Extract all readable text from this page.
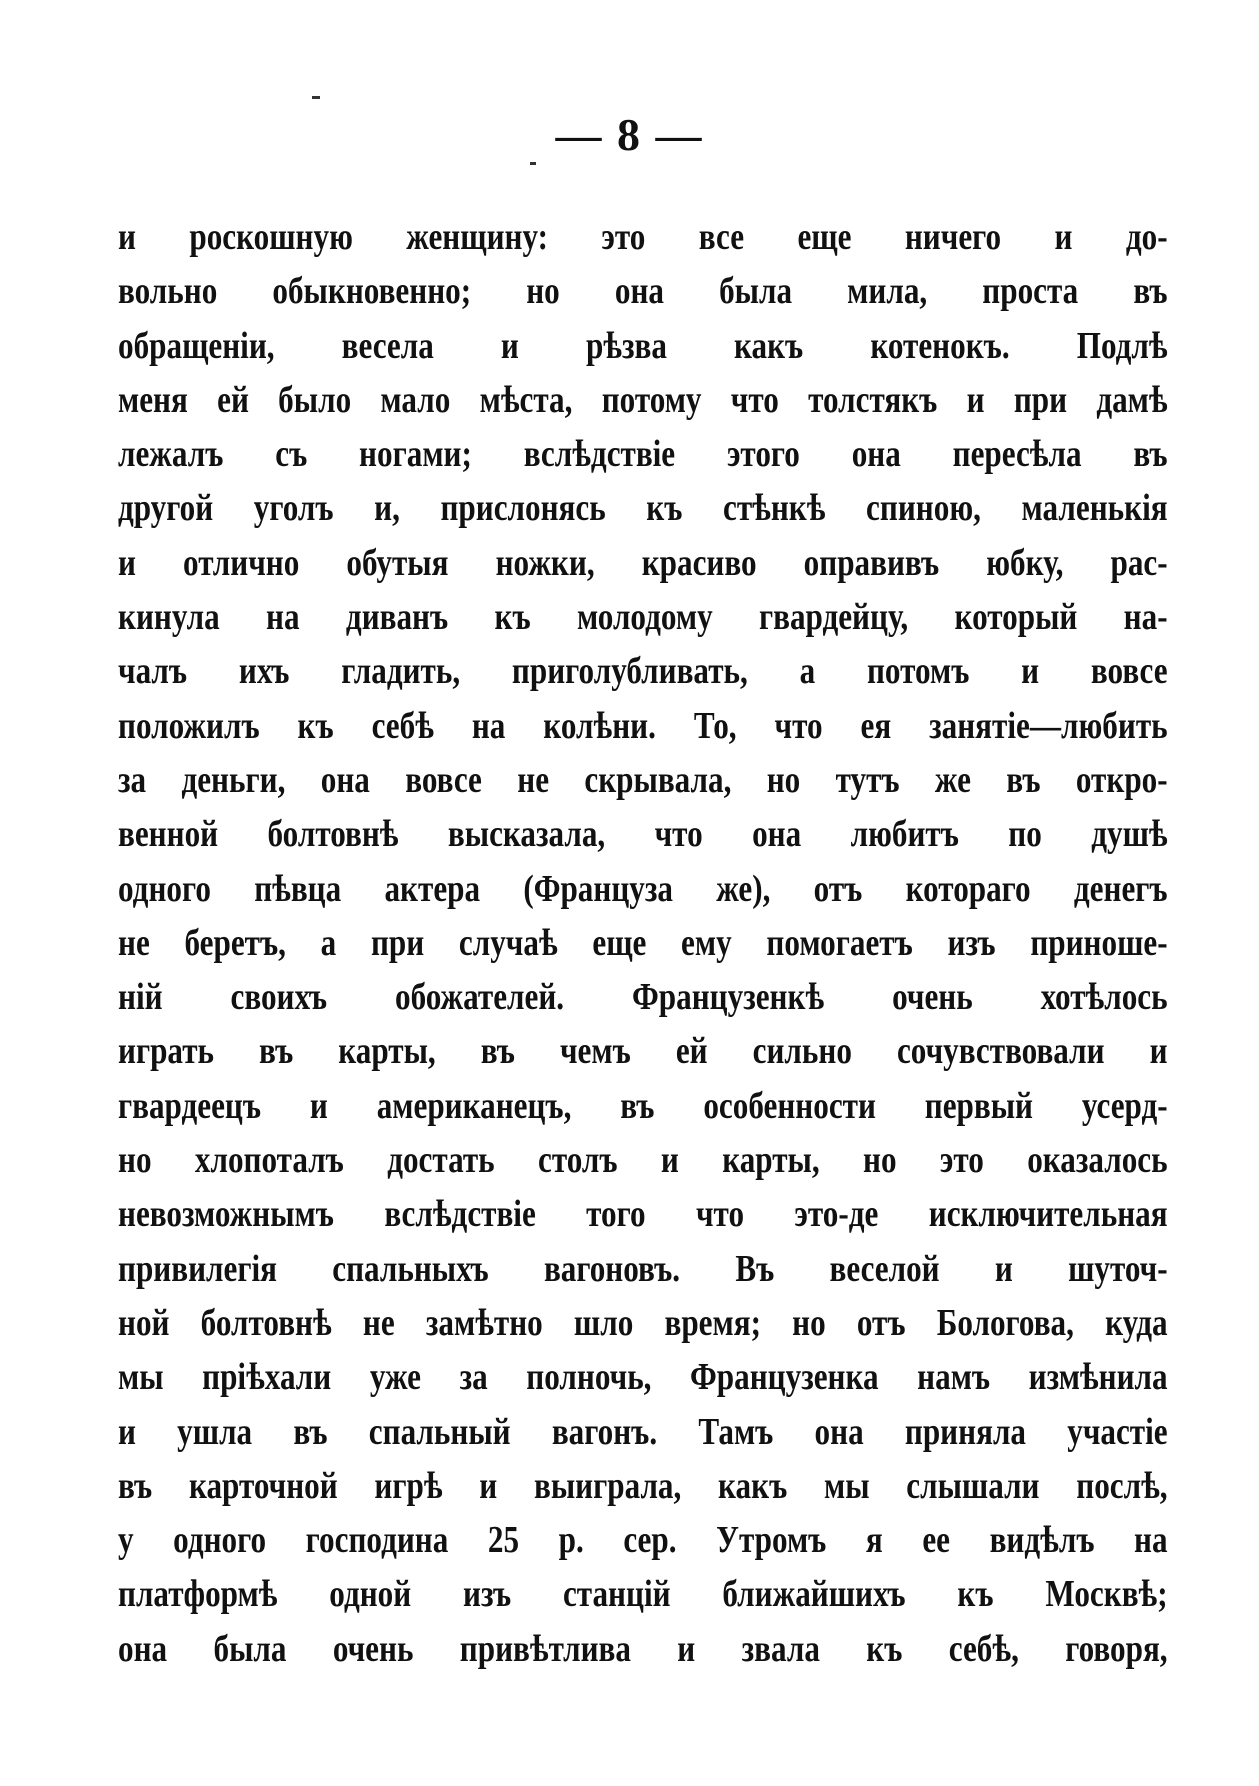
— 8 —
и роскошную женщину: это все еще ничего и до-
вольно обыкновенно; но она была мила, проста въ
обращенiи, весела и рѣзва какъ котенокъ. Подлѣ
меня ей было мало мѣста, потому что толстякъ и при дамѣ
лежалъ съ ногами; вслѣдствiе этого она пересѣла въ
другой уголъ и, прислонясь къ стѣнкѣ спиною, маленькiя
и отлично обутыя ножки, красиво оправивъ юбку, рас-
кинула на диванъ къ молодому гвардейцу, который на-
чалъ ихъ гладить, приголубливать, а потомъ и вовсе
положилъ къ себѣ на колѣни. То, что ея занятiе—любить
за деньги, она вовсе не скрывала, но тутъ же въ откро-
венной болтовнѣ высказала, что она любитъ по душѣ
одного пѣвца актера (Француза же), отъ котораго денегъ
не беретъ, а при случаѣ еще ему помогаетъ изъ приноше-
нiй своихъ обожателей. Французенкѣ очень хотѣлось
играть въ карты, въ чемъ ей сильно сочувствовали и
гвардеецъ и американецъ, въ особенности первый усерд-
но хлопоталъ достать столъ и карты, но это оказалось
невозможнымъ вслѣдствiе того что это-де исключительная
привилегiя спальныхъ вагоновъ. Въ веселой и шуточ-
ной болтовнѣ не замѣтно шло время; но отъ Бологова, куда
мы прiѣхали уже за полночь, Французенка намъ измѣнила
и ушла въ спальный вагонъ. Тамъ она приняла участiе
въ карточной игрѣ и выиграла, какъ мы слышали послѣ,
у одного господина 25 р. сер. Утромъ я ее видѣлъ на
платформѣ одной изъ станцiй ближайшихъ къ Москвѣ;
она была очень привѣтлива и звала къ себѣ, говоря,
